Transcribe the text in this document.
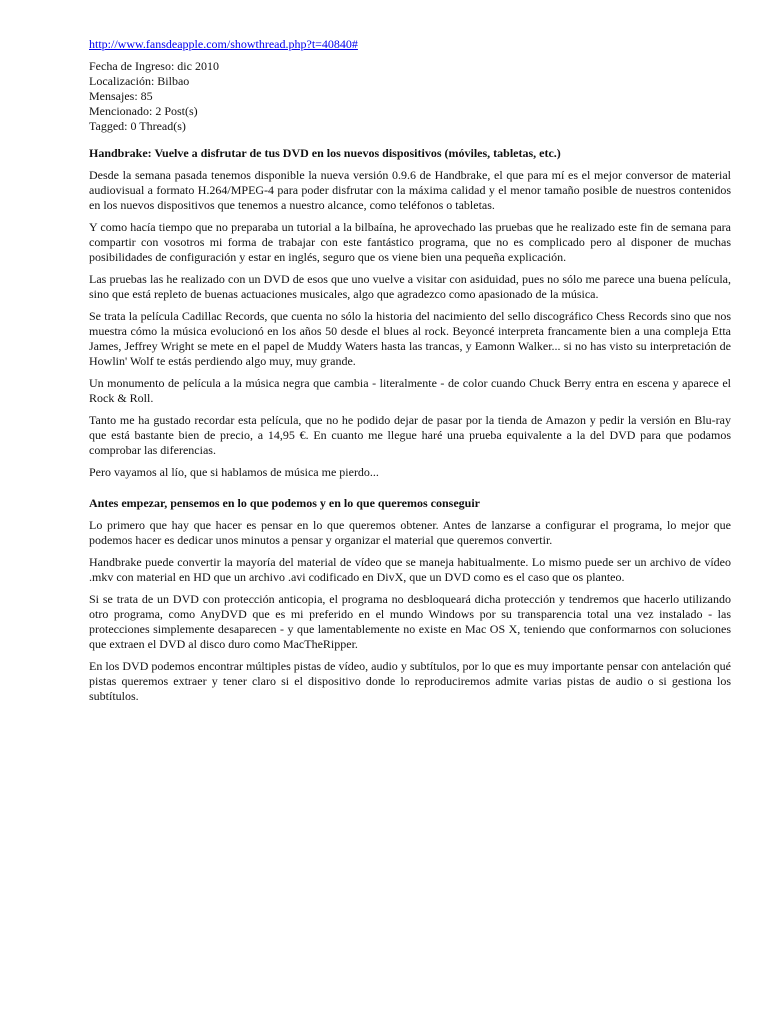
http://www.fansdeapple.com/showthread.php?t=40840#
Fecha de Ingreso: dic 2010
Localización: Bilbao
Mensajes: 85
Mencionado: 2 Post(s)
Tagged: 0 Thread(s)
Handbrake: Vuelve a disfrutar de tus DVD en los nuevos dispositivos (móviles, tabletas, etc.)

Desde la semana pasada tenemos disponible la nueva versión 0.9.6 de Handbrake, el que para mí es el mejor conversor de material audiovisual a formato H.264/MPEG-4 para poder disfrutar con la máxima calidad y el menor tamaño posible de nuestros contenidos en los nuevos dispositivos que tenemos a nuestro alcance, como teléfonos o tabletas.

Y como hacía tiempo que no preparaba un tutorial a la bilbaína, he aprovechado las pruebas que he realizado este fin de semana para compartir con vosotros mi forma de trabajar con este fantástico programa, que no es complicado pero al disponer de muchas posibilidades de configuración y estar en inglés, seguro que os viene bien una pequeña explicación.

Las pruebas las he realizado con un DVD de esos que uno vuelve a visitar con asiduidad, pues no sólo me parece una buena película, sino que está repleto de buenas actuaciones musicales, algo que agradezco como apasionado de la música.

Se trata la película Cadillac Records, que cuenta no sólo la historia del nacimiento del sello discográfico Chess Records sino que nos muestra cómo la música evolucionó en los años 50 desde el blues al rock. Beyoncé interpreta francamente bien a una compleja Etta James, Jeffrey Wright se mete en el papel de Muddy Waters hasta las trancas, y Eamonn Walker... si no has visto su interpretación de Howlin' Wolf te estás perdiendo algo muy, muy grande.

Un monumento de película a la música negra que cambia - literalmente - de color cuando Chuck Berry entra en escena y aparece el Rock & Roll.

Tanto me ha gustado recordar esta película, que no he podido dejar de pasar por la tienda de Amazon y pedir la versión en Blu-ray que está bastante bien de precio, a 14,95 €. En cuanto me llegue haré una prueba equivalente a la del DVD para que podamos comprobar las diferencias.

Pero vayamos al lío, que si hablamos de música me pierdo...

Antes empezar, pensemos en lo que podemos y en lo que queremos conseguir

Lo primero que hay que hacer es pensar en lo que queremos obtener. Antes de lanzarse a configurar el programa, lo mejor que podemos hacer es dedicar unos minutos a pensar y organizar el material que queremos convertir.

Handbrake puede convertir la mayoría del material de vídeo que se maneja habitualmente. Lo mismo puede ser un archivo de vídeo .mkv con material en HD que un archivo .avi codificado en DivX, que un DVD como es el caso que os planteo.

Si se trata de un DVD con protección anticopia, el programa no desbloqueará dicha protección y tendremos que hacerlo utilizando otro programa, como AnyDVD que es mi preferido en el mundo Windows por su transparencia total una vez instalado - las protecciones simplemente desaparecen - y que lamentablemente no existe en Mac OS X, teniendo que conformarnos con soluciones que extraen el DVD al disco duro como MacTheRipper.

En los DVD podemos encontrar múltiples pistas de vídeo, audio y subtítulos, por lo que es muy importante pensar con antelación qué pistas queremos extraer y tener claro si el dispositivo donde lo reproduciremos admite varias pistas de audio o si gestiona los subtítulos.
